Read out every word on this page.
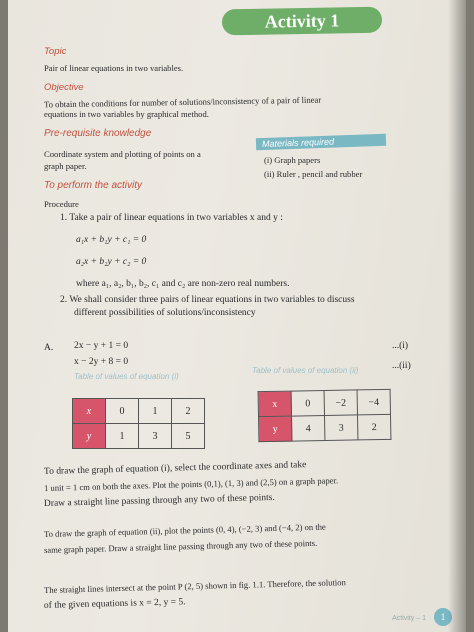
Activity 1
Topic
Pair of linear equations in two variables.
Objective
To obtain the conditions for number of solutions/inconsistency of a pair of linear
equations in two variables by graphical method.
Pre-requisite knowledge
Coordinate system and plotting of points on a
graph paper.
Materials required
(i) Graph papers
(ii) Ruler , pencil and rubber
To perform the activity
Procedure
1. Take a pair of linear equations in two variables x and y :
a₁x + b₁y + c₁ = 0
a₂x + b₂y + c₂ = 0
where a₁, a₂, b₁, b₂, c₁ and c₂ are non-zero real numbers.
2. We shall consider three pairs of linear equations in two variables to discuss
different possibilities of solutions/inconsistency
A. 2x − y + 1 = 0	...(i)
x − 2y + 8 = 0	...(ii)
Table of values of equation (i)
Table of values of equation (ii)
x	0	1	2
y	1	3	5
x	0	−2	−4
y	4	3	2
To draw the graph of equation (i), select the coordinate axes and take
1 unit = 1 cm on both the axes. Plot the points (0,1), (1, 3) and (2,5) on a graph paper.
Draw a straight line passing through any two of these points.
To draw the graph of equation (ii), plot the points (0, 4), (−2, 3) and (−4, 2) on the
same graph paper. Draw a straight line passing through any two of these points.
The straight lines intersect at the point P (2, 5) shown in fig. 1.1. Therefore, the solution
of the given equations is x = 2, y = 5.
Activity – 1	1
